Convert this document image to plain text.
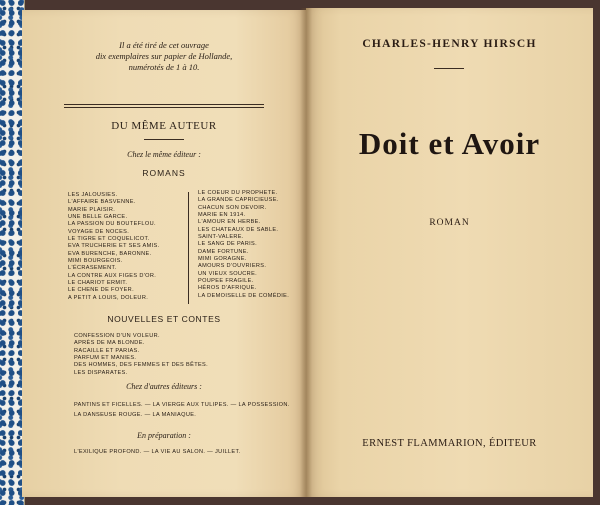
Il a été tiré de cet ouvrage
dix exemplaires sur papier de Hollande,
numérotés de 1 à 10.
DU MÊME AUTEUR
Chez le même éditeur :
ROMANS
LES JALOUSIES.
L'AFFAIRE BASVENNE.
MARIE PLAISIR.
UNE BELLE GARCE.
LA PASSION DU BOUTEFLOU.
VOYAGE DE NOCES.
LE TIGRE ET COQUELICOT.
EVA TRUCHERIE ET SES AMIS.
EVA BURENCHE, BARONNE.
MIMI BOURGEOIS.
L'ÉCRASEMENT.
LA CONTRE AUX FIGES D'OR.
LE CHARIOT ERMIT.
LE CHENE DE FOYER.
A PETIT A LOUIS, DOLEUR.
LE COEUR DU PROPHETE.
LA GRANDE CAPRICIEUSE.
CHACUN SON DEVOIR.
MARIE EN 1914.
L'AMOUR EN HERBE.
LES CHATEAUX DE SABLE.
SAINT-VALERE.
LE SANG DE PARIS.
DAME FORTUNE.
MIMI GORAGNE.
AMOURS D'OUVRIERS.
UN VIEUX SOUCRE.
POUPEE FRAGILE.
HÉROS D'AFRIQUE.
LA DEMOISELLE DE COMÉDIE.
NOUVELLES ET CONTES
CONFESSION D'UN VOLEUR.
APRÈS DE MA BLONDE.
RACAILLE ET PARIAS.
PARFUM ET MANIES.
DES HOMMES, DES FEMMES ET DES BÊTES.
LES DISPARATES.
Chez d'autres éditeurs :
PANTINS ET FICELLES. — LA VIERGE AUX TULIPES. — LA POSSESSION.
LA DANSEUSE ROUGE. — LA MANIAQUE.
En préparation :
L'EXILIQUE PROFOND. — LA VIE AU SALON. — JUILLET.
CHARLES-HENRY HIRSCH
Doit et Avoir
ROMAN
ERNEST FLAMMARION, ÉDITEUR
